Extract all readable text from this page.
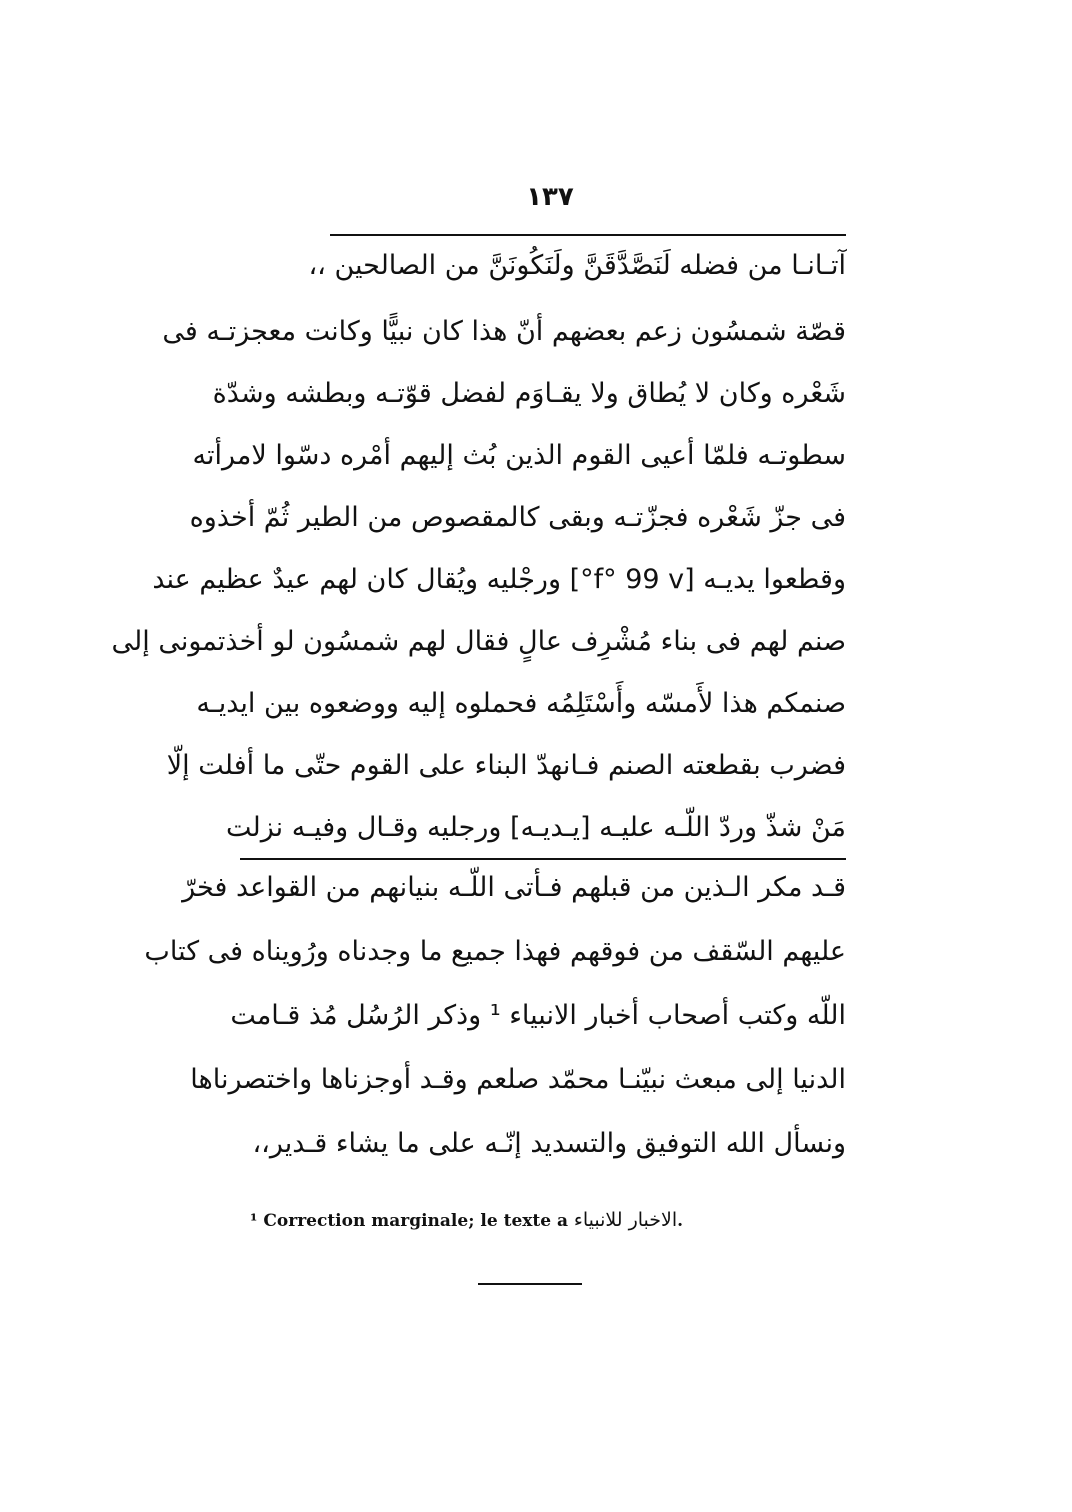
١٣٧
آتـانـا من فضله لَنَصَّدَّقَنَّ ولَنَكُونَنَّ من الصالحين ،،
قصّة شمسُون زعم بعضهم أنّ هذا كان نبيًّا وكانت معجزتـه فى
شَعْره وكان لا يُطاق ولا يقـاوَم لفضل قوّتـه وبطشه وشدّة
سطوتـه فلمّا أعيى القوم الذين بُث إليهم أمْره دسّوا لامرأته
فى جزّ شَعْره فجزّتـه وبقى كالمقصوص من الطير ثُمّ أخذوه
وقطعوا يديـه [f° 99 v°] ورجْليه ويُقال كان لهم عيدٌ عظيم عند
صنم لهم فى بناء مُشْرِف عالٍ فقال لهم شمسُون لو أخذتمونى إلى
صنمكم هذا لأَمسّه وأَسْتَلِمُه فحملوه إليه ووضعوه بين ايديـه
فضرب بقطعته الصنم فـانهدّ البناء على القوم حتّى ما أفلت إلّا
مَنْ شذّ وردّ اللّـه عليـه [يـديـه] ورجليه وقـال وفيـه نزلت
قـد مكر الـذين من قبلهم فـأتى اللّـه بنيانهم من القواعد فخرّ
عليهم السّقف من فوقهم فهذا جميع ما وجدناه ورُويناه فى كتاب
اللّه وكتب أصحاب أخبار الانبياء ¹ وذكر الرُسُل مُذ قـامت
الدنيا إلى مبعث نبيّنـا محمّد صلعم وقـد أوجزناها واختصرناها
ونسأل الله التوفيق والتسديد إنّـه على ما يشاء قـدير،،
¹ Correction marginale; le texte a الاخبار للانبياء.
